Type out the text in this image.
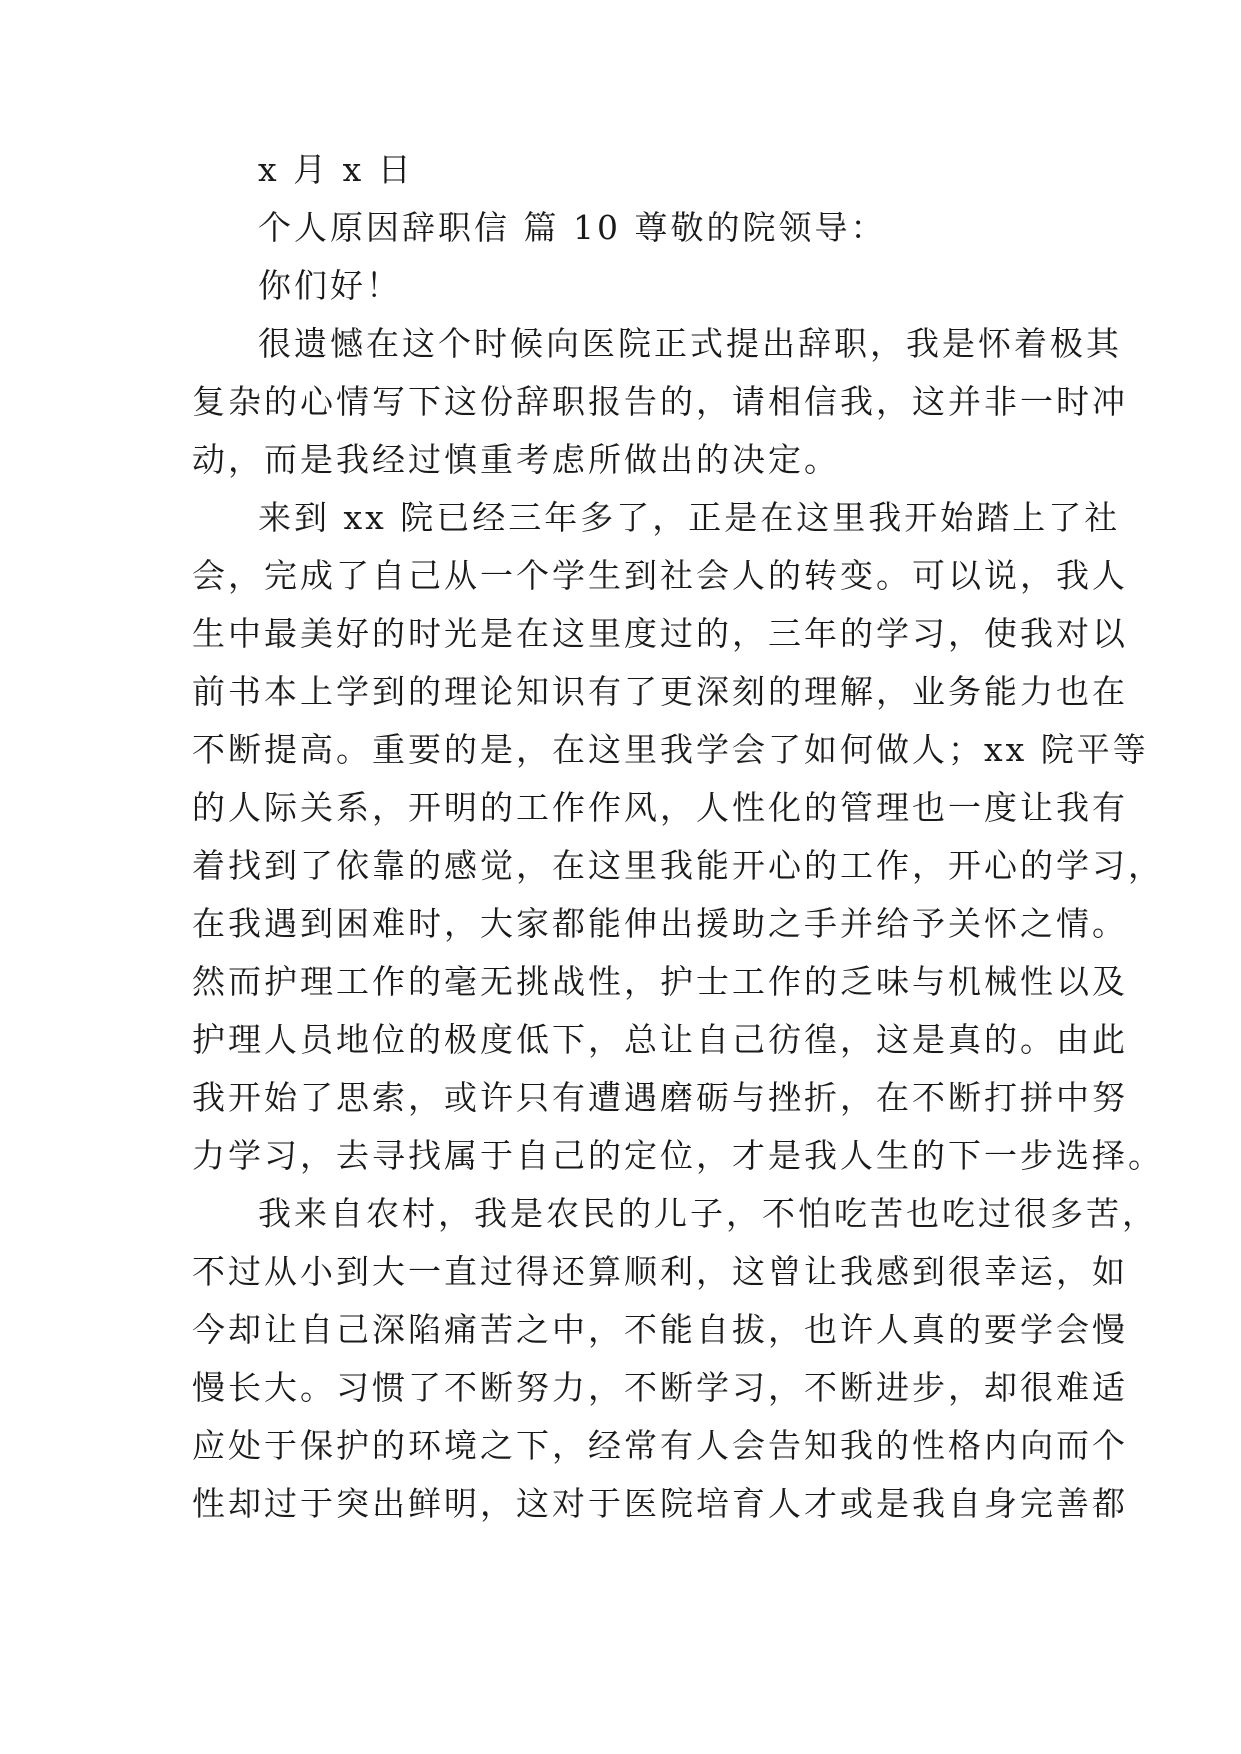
x 月 x 日
个人原因辞职信 篇 10 尊敬的院领导：
你们好！
很遗憾在这个时候向医院正式提出辞职，我是怀着极其
复杂的心情写下这份辞职报告的，请相信我，这并非一时冲
动，而是我经过慎重考虑所做出的决定。
来到 xx 院已经三年多了，正是在这里我开始踏上了社
会，完成了自己从一个学生到社会人的转变。可以说，我人
生中最美好的时光是在这里度过的，三年的学习，使我对以
前书本上学到的理论知识有了更深刻的理解，业务能力也在
不断提高。重要的是，在这里我学会了如何做人；xx 院平等
的人际关系，开明的工作作风，人性化的管理也一度让我有
着找到了依靠的感觉，在这里我能开心的工作，开心的学习，
在我遇到困难时，大家都能伸出援助之手并给予关怀之情。
然而护理工作的毫无挑战性，护士工作的乏味与机械性以及
护理人员地位的极度低下，总让自己彷徨，这是真的。由此
我开始了思索，或许只有遭遇磨砺与挫折，在不断打拼中努
力学习，去寻找属于自己的定位，才是我人生的下一步选择。
我来自农村，我是农民的儿子，不怕吃苦也吃过很多苦，
不过从小到大一直过得还算顺利，这曾让我感到很幸运，如
今却让自己深陷痛苦之中，不能自拔，也许人真的要学会慢
慢长大。习惯了不断努力，不断学习，不断进步，却很难适
应处于保护的环境之下，经常有人会告知我的性格内向而个
性却过于突出鲜明，这对于医院培育人才或是我自身完善都
